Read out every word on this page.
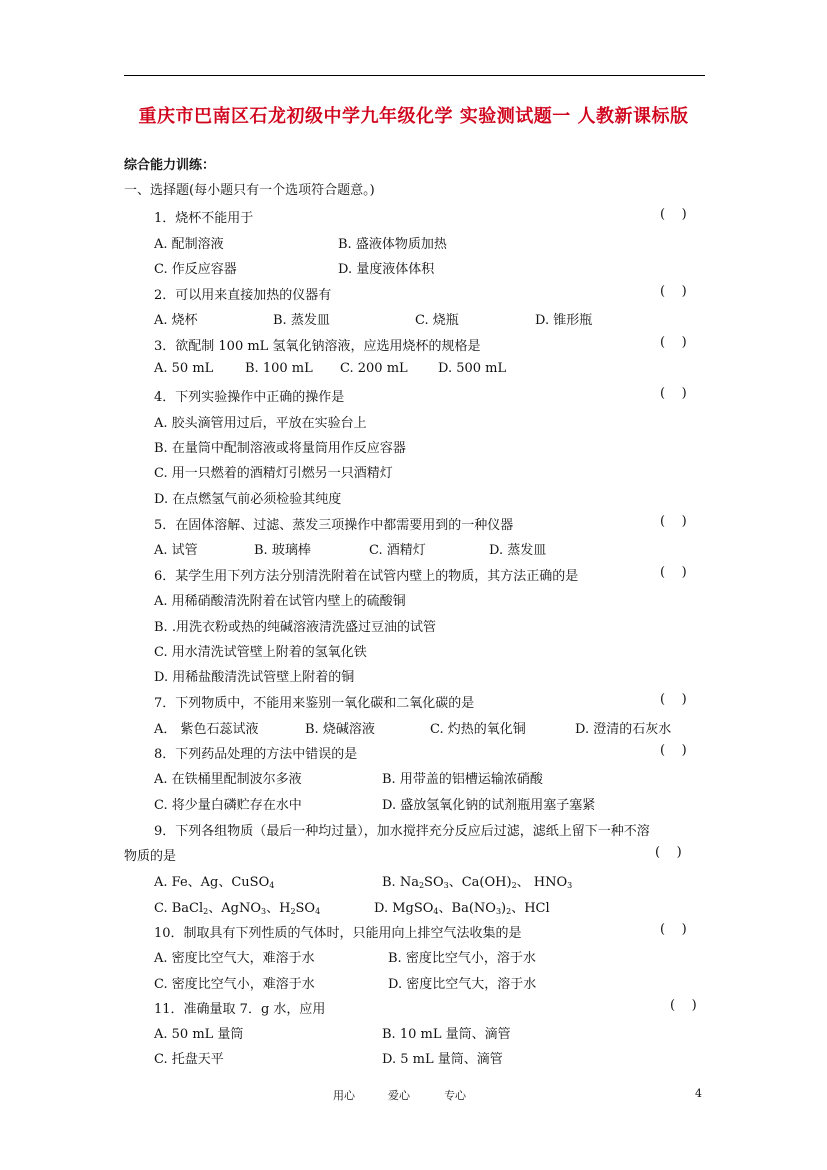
重庆市巴南区石龙初级中学九年级化学 实验测试题一 人教新课标版
综合能力训练：
一、选择题(每小题只有一个选项符合题意。)
1．烧杯不能用于	(    )
A. 配制溶液	B. 盛液体物质加热
C. 作反应容器	D. 量度液体体积
2．可以用来直接加热的仪器有	(    )
A. 烧杯	B. 蒸发皿	C. 烧瓶	D. 锥形瓶
3．欲配制 100 mL 氢氧化钠溶液，应选用烧杯的规格是	(    )
A. 50 mL B. 100 mL C. 200 mL D. 500 mL
4．下列实验操作中正确的操作是	(    )
A. 胶头滴管用过后，平放在实验台上
B. 在量筒中配制溶液或将量筒用作反应容器
C. 用一只燃着的酒精灯引燃另一只酒精灯
D. 在点燃氢气前必须检验其纯度
5．在固体溶解、过滤、蒸发三项操作中都需要用到的一种仪器	(    )
A. 试管	B. 玻璃棒	C. 酒精灯	D. 蒸发皿
6．某学生用下列方法分别清洗附着在试管内壁上的物质，其方法正确的是	(    )
A. 用稀硝酸清洗附着在试管内壁上的硫酸铜
B. .用洗衣粉或热的纯碱溶液清洗盛过豆油的试管
C. 用水清洗试管壁上附着的氢氧化铁
D. 用稀盐酸清洗试管壁上附着的铜
7．下列物质中，不能用来鉴别一氧化碳和二氧化碳的是	(    )
A． 紫色石蕊试液	B. 烧碱溶液	C. 灼热的氧化铜	D. 澄清的石灰水
8．下列药品处理的方法中错误的是	(    )
A. 在铁桶里配制波尔多液	B. 用带盖的铝槽运输浓硝酸
C. 将少量白磷贮存在水中	D. 盛放氢氧化钠的试剂瓶用塞子塞紧
9．下列各组物质（最后一种均过量），加水搅拌充分反应后过滤，滤纸上留下一种不溶
物质的是	(    )
A. Fe、Ag、CuSO$_4$	B. $Na_2SO_3$、$Ca(OH)_2$、 $HNO_3$
C. BaCl$_2$、AgNO$_3$、$H_2SO_4$	D. MgSO$_4$、$Ba(NO_3)_2$、HCl
10．制取具有下列性质的气体时，只能用向上排空气法收集的是	(    )
A. 密度比空气大，难溶于水	B. 密度比空气小，溶于水
C. 密度比空气小，难溶于水	D. 密度比空气大，溶于水
11．准确量取 7．g 水，应用	(    )
A. 50 mL 量筒	B. 10 mL 量筒、滴管
C. 托盘天平	D. 5 mL 量筒、滴管
用心	爱心	专心	4
